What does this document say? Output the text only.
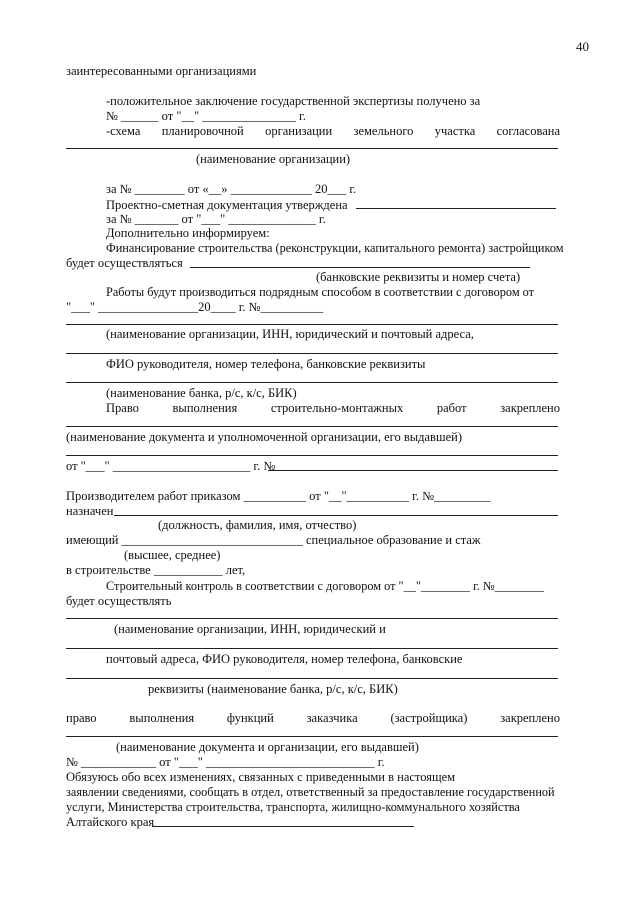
40
заинтересованными организациями
-положительное заключение государственной экспертизы получено за
№ ______ от "__" _______________ г.
-схема планировочной организации земельного участка согласована
(наименование организации)
за № ________ от «__» _____________ 20___ г.
Проектно-сметная документация утверждена
за № _______ от "___" ______________ г.
Дополнительно информируем:
Финансирование строительства (реконструкции, капитального ремонта) застройщиком
будет осуществляться
(банковские реквизиты и номер счета)
Работы будут производиться подрядным способом в соответствии с договором от
"___" ________________20____ г. №__________
(наименование организации, ИНН, юридический и почтовый адреса,
ФИО руководителя, номер телефона, банковские реквизиты
(наименование банка, р/с, к/с, БИК)
Право	выполнения	строительно-монтажных	работ	закреплено
(наименование документа и уполномоченной организации, его выдавшей)
от "___" ______________________ г. №
Производителем работ приказом __________ от "__"__________ г. №_________
назначен
(должность, фамилия, имя, отчество)
имеющий _____________________________ специальное образование и стаж
(высшее, среднее)
в строительстве ___________ лет,
Строительный контроль в соответствии с договором от "__"________ г. №________
будет осуществлять
(наименование организации, ИНН, юридический и
почтовый адреса, ФИО руководителя, номер телефона, банковские
реквизиты (наименование банка, р/с, к/с, БИК)
право	выполнения	функций	заказчика	(застройщика)	закреплено
(наименование документа и организации, его выдавшей)
№ ____________ от "___" ___________________________ г.
Обязуюсь обо всех изменениях, связанных с приведенными в настоящем
заявлении сведениями, сообщать в отдел, ответственный за предоставление государственной
услуги, Министерства строительства, транспорта, жилищно-коммунального хозяйства
Алтайского края
